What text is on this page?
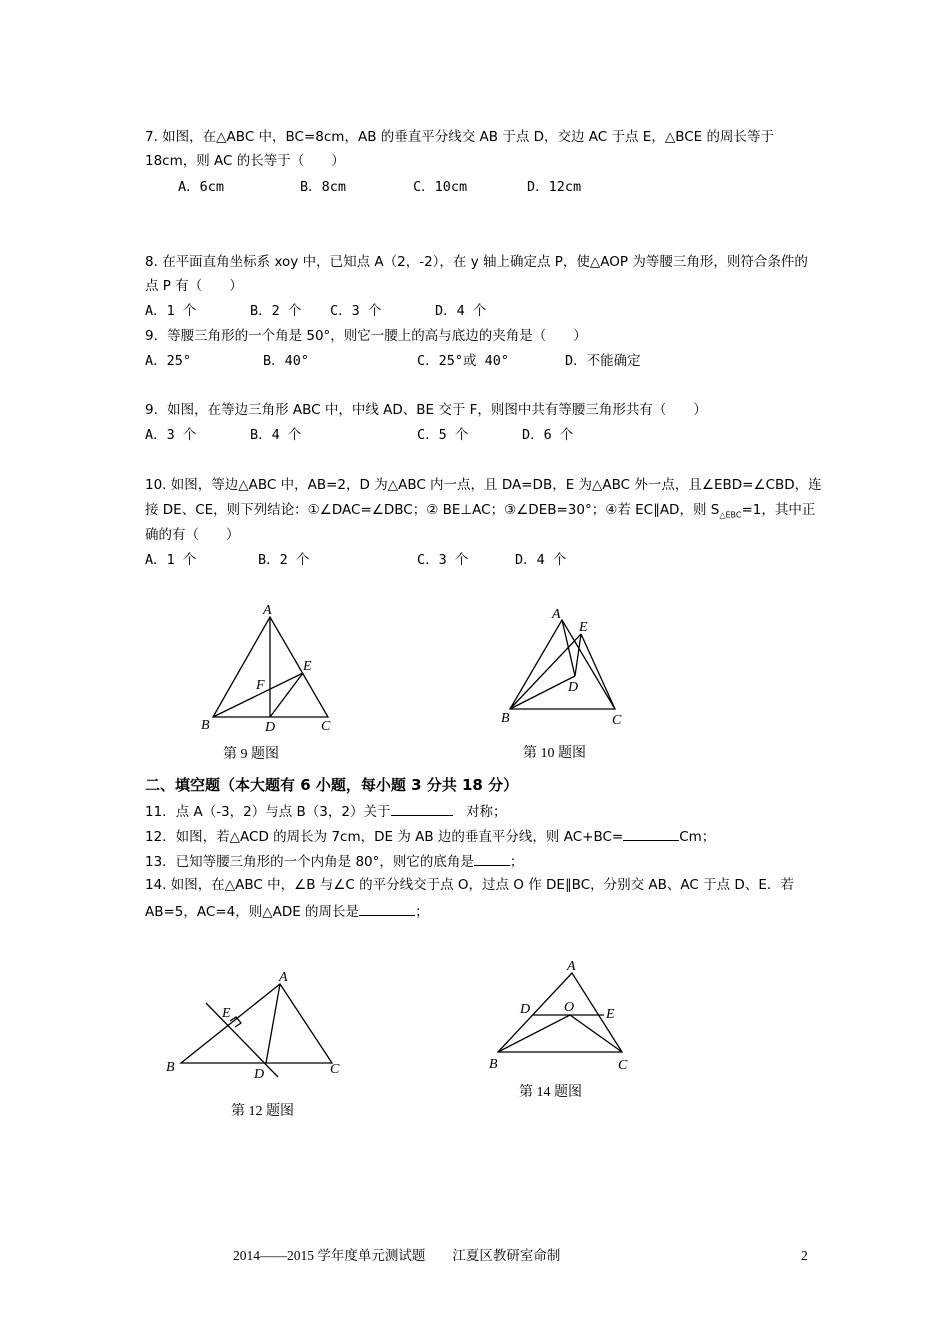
7. 如图，在△ABC 中，BC=8cm，AB 的垂直平分线交 AB 于点 D，交边 AC 于点 E，△BCE 的周长等于
18cm，则 AC 的长等于（　　）
A．6cm	B．8cm	C．10cm	D．12cm
8. 在平面直角坐标系 xoy 中，已知点 A（2，-2），在 y 轴上确定点 P，使△AOP 为等腰三角形，则符合条件的
点 P 有（　　）
A．1 个	B．2 个 C．3 个	D．4 个
9．等腰三角形的一个角是 50°，则它一腰上的高与底边的夹角是（　　）
A．25°	B．40°	C．25°或 40°	D．不能确定
9．如图，在等边三角形 ABC 中，中线 AD、BE 交于 F，则图中共有等腰三角形共有（　　）
A．3 个	B．4 个	C．5 个	D．6 个
10. 如图，等边△ABC 中，AB=2，D 为△ABC 内一点，且 DA=DB，E 为△ABC 外一点，且∠EBD=∠CBD，连
接 DE、CE，则下列结论：①∠DAC=∠DBC；② BE⊥AC；③∠DEB=30°；④若 EC∥AD，则 $S_{\triangle EBC}=1$，其中正
确的有（　　）
A．1 个	B．2 个	C．3 个	D．4 个
A
B	C
D
E
F
第 9 题图
A
B	C
D
E
第 10 题图
二、填空题（本大题有 6 小题，每小题 3 分共 18 分）
11．点 A（-3，2）与点 B（3，2）关于　	对称；
12．如图，若△ACD 的周长为 7cm，DE 为 AB 边的垂直平分线，则 AC+BC=	Cm；
13．已知等腰三角形的一个内角是 80°，则它的底角是	；
14. 如图，在△ABC 中，∠B 与∠C 的平分线交于点 O，过点 O 作 DE∥BC，分别交 AB、AC 于点 D、E．若
AB=5，AC=4，则△ADE 的周长是	；
A
B	C
D
E
第 12 题图
A
B	C
D	E
O
第 14 题图
2014——2015 学年度单元测试题　　江夏区教研室命制	2
